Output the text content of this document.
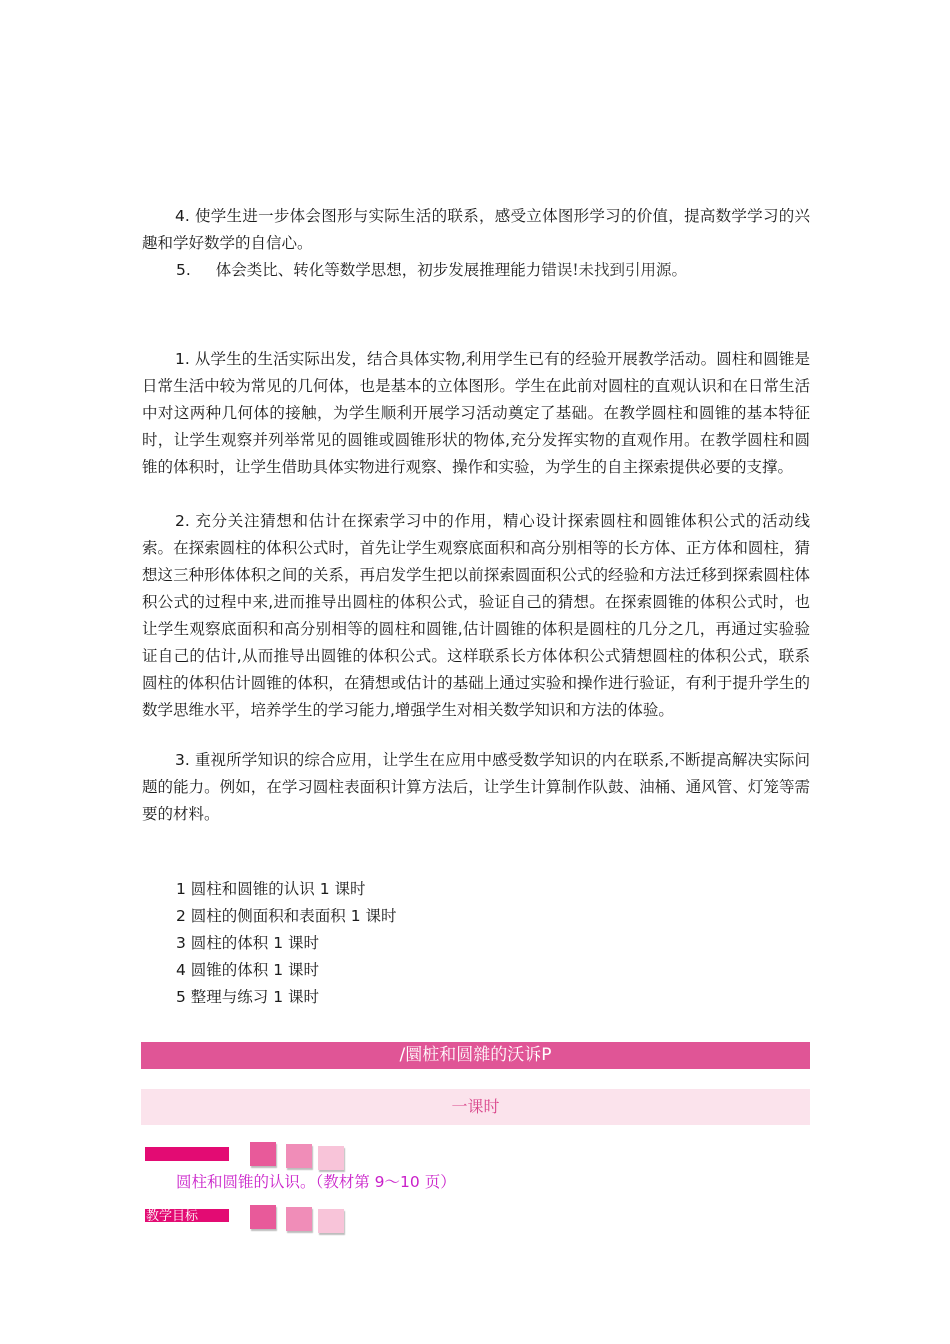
4. 使学生进一步体会图形与实际生活的联系，感受立体图形学习的价值，提高数学学习的兴趣和学好数学的自信心。

5. 体会类比、转化等数学思想，初步发展推理能力错误!未找到引用源。

1. 从学生的生活实际出发，结合具体实物,利用学生已有的经验开展教学活动。圆柱和圆锥是日常生活中较为常见的几何体，也是基本的立体图形。学生在此前对圆柱的直观认识和在日常生活中对这两种几何体的接触，为学生顺利开展学习活动奠定了基础。在教学圆柱和圆锥的基本特征时，让学生观察并列举常见的圆锥或圆锥形状的物体,充分发挥实物的直观作用。在教学圆柱和圆锥的体积时，让学生借助具体实物进行观察、操作和实验，为学生的自主探索提供必要的支撑。

2. 充分关注猜想和估计在探索学习中的作用，精心设计探索圆柱和圆锥体积公式的活动线索。在探索圆柱的体积公式时，首先让学生观察底面积和高分别相等的长方体、正方体和圆柱，猜想这三种形体体积之间的关系，再启发学生把以前探索圆面积公式的经验和方法迁移到探索圆柱体积公式的过程中来,进而推导出圆柱的体积公式，验证自己的猜想。在探索圆锥的体积公式时，也让学生观察底面积和高分别相等的圆柱和圆锥,估计圆锥的体积是圆柱的几分之几，再通过实验验证自己的估计,从而推导出圆锥的体积公式。这样联系长方体体积公式猜想圆柱的体积公式，联系圆柱的体积估计圆锥的体积，在猜想或估计的基础上通过实验和操作进行验证，有利于提升学生的数学思维水平，培养学生的学习能力,增强学生对相关数学知识和方法的体验。

3. 重视所学知识的综合应用，让学生在应用中感受数学知识的内在联系,不断提高解决实际问题的能力。例如，在学习圆柱表面积计算方法后，让学生计算制作队鼓、油桶、通风管、灯笼等需要的材料。

1 圆柱和圆锥的认识 1 课时
2 圆柱的侧面积和表面积 1 课时
3 圆柱的体积 1 课时
4 圆锥的体积 1 课时
5 整理与练习 1 课时
/圜桩和圆雜的沃诉P
一课时
圆柱和圆锥的认识。（教材第 9〜10 页）
教学目标
